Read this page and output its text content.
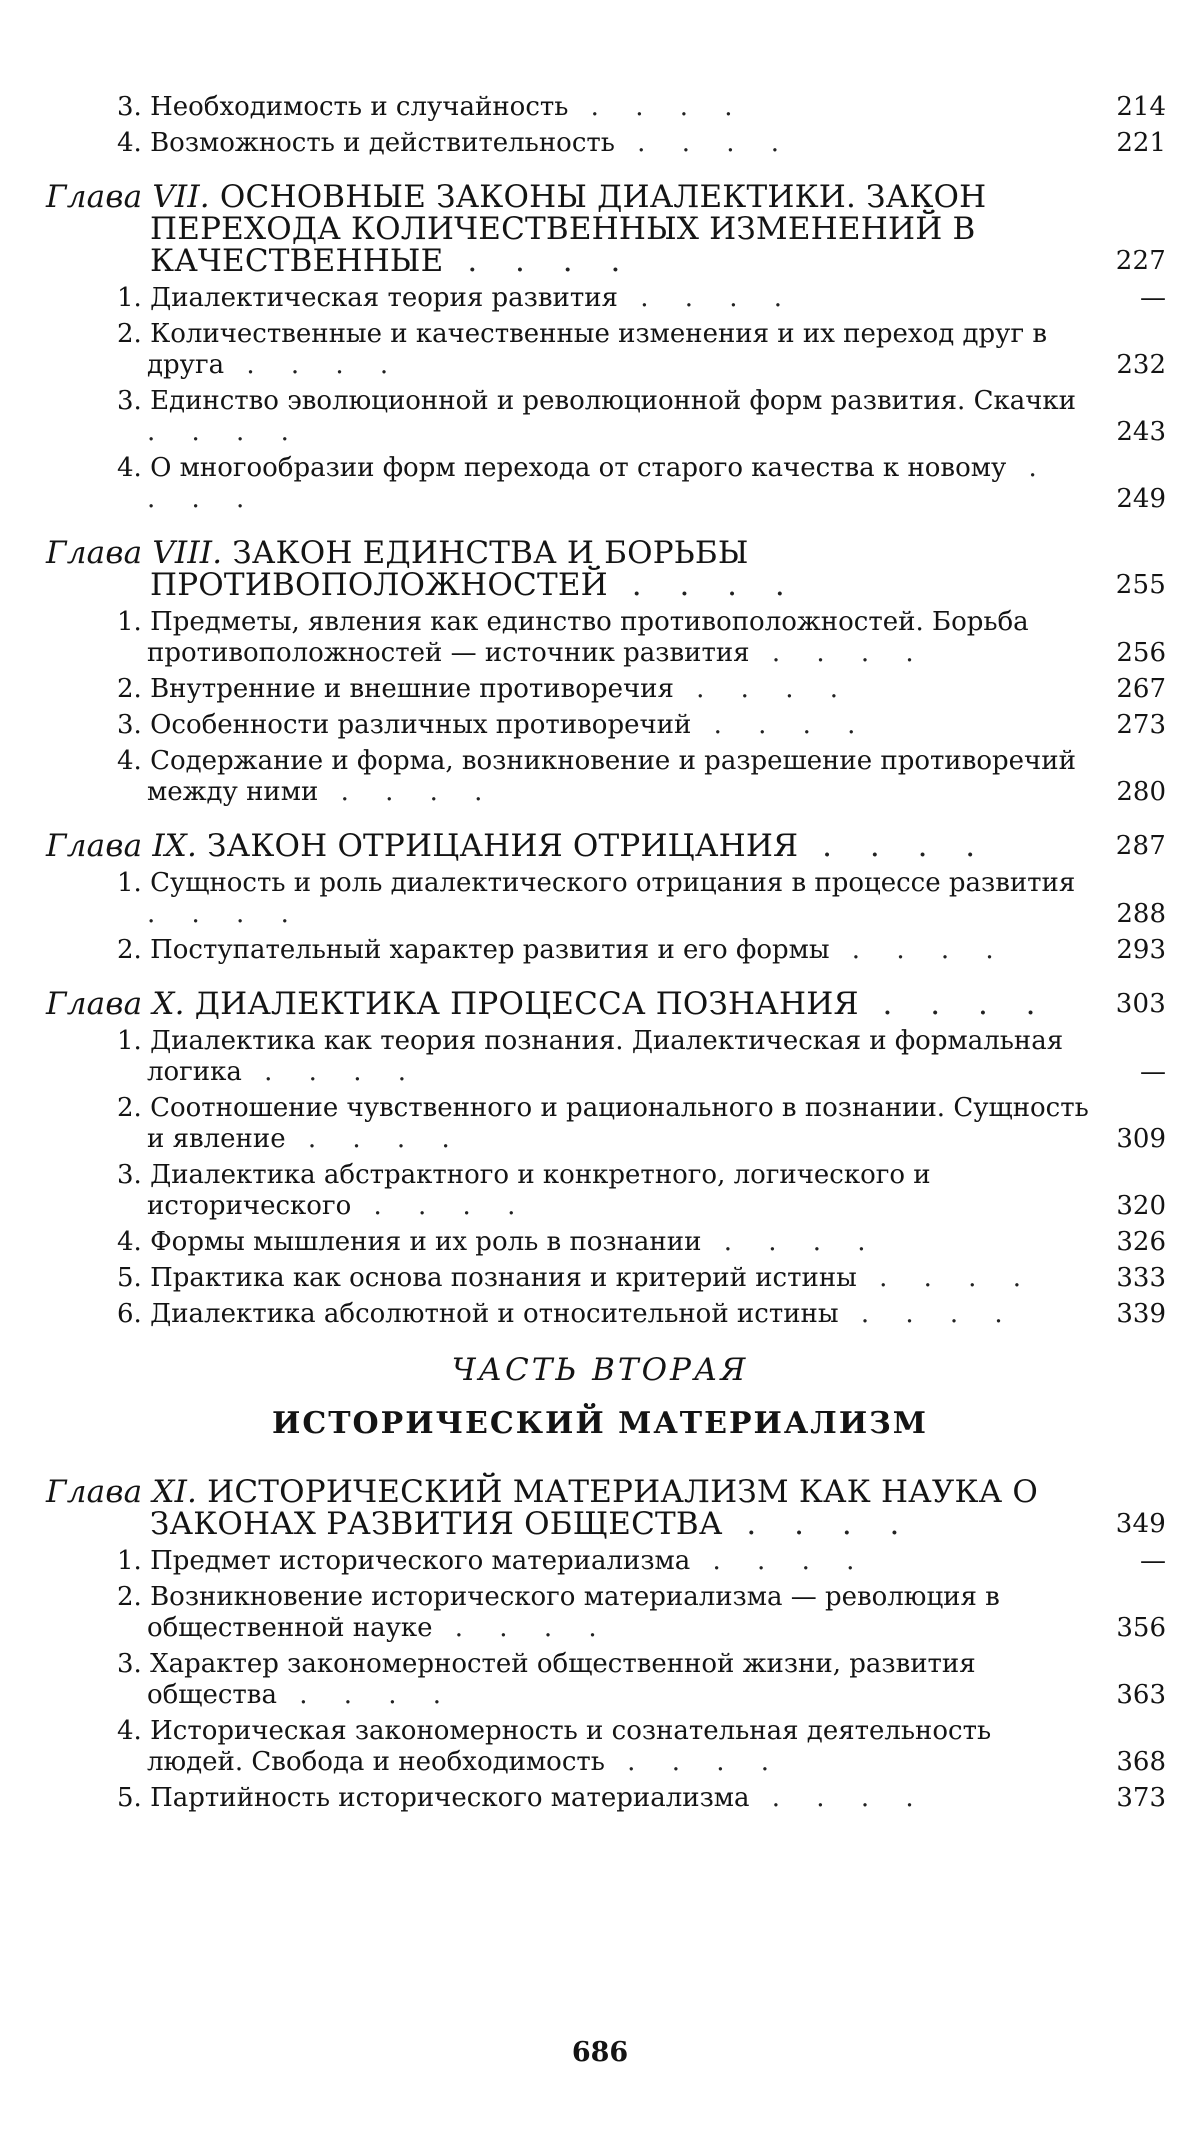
3. Необходимость и случайность . . . .	214
4. Возможность и действительность . . . .	221
Глава VII. ОСНОВНЫЕ ЗАКОНЫ ДИАЛЕКТИКИ. ЗАКОН ПЕРЕХОДА КОЛИЧЕСТВЕННЫХ ИЗМЕНЕНИЙ В КАЧЕСТВЕННЫЕ . . . .	227
1. Диалектическая теория развития . . . .	—
2. Количественные и качественные изменения и их переход друг в друга . . . .	232
3. Единство эволюционной и революционной форм развития. Скачки . . . .	243
4. О многообразии форм перехода от старого качества к новому . . . .	249
Глава VIII. ЗАКОН ЕДИНСТВА И БОРЬБЫ ПРОТИВОПОЛОЖНОСТЕЙ . . . .	255
1. Предметы, явления как единство противоположностей. Борьба противоположностей — источник развития . . . .	256
2. Внутренние и внешние противоречия . . . .	267
3. Особенности различных противоречий . . . .	273
4. Содержание и форма, возникновение и разрешение противоречий между ними . . . .	280
Глава IX. ЗАКОН ОТРИЦАНИЯ ОТРИЦАНИЯ . . . .	287
1. Сущность и роль диалектического отрицания в процессе развития . . . .	288
2. Поступательный характер развития и его формы . . . .	293
Глава X. ДИАЛЕКТИКА ПРОЦЕССА ПОЗНАНИЯ . . . .	303
1. Диалектика как теория познания. Диалектическая и формальная логика . . . .	—
2. Соотношение чувственного и рационального в познании. Сущность и явление . . . .	309
3. Диалектика абстрактного и конкретного, логического и исторического . . . .	320
4. Формы мышления и их роль в познании . . . .	326
5. Практика как основа познания и критерий истины . . . .	333
6. Диалектика абсолютной и относительной истины . . . .	339
ЧАСТЬ ВТОРАЯ
ИСТОРИЧЕСКИЙ МАТЕРИАЛИЗМ
Глава XI. ИСТОРИЧЕСКИЙ МАТЕРИАЛИЗМ КАК НАУКА О ЗАКОНАХ РАЗВИТИЯ ОБЩЕСТВА . . . .	349
1. Предмет исторического материализма . . . .	—
2. Возникновение исторического материализма — революция в общественной науке . . . .	356
3. Характер закономерностей общественной жизни, развития общества . . . .	363
4. Историческая закономерность и сознательная деятельность людей. Свобода и необходимость . . . .	368
5. Партийность исторического материализма . . . .	373
686
